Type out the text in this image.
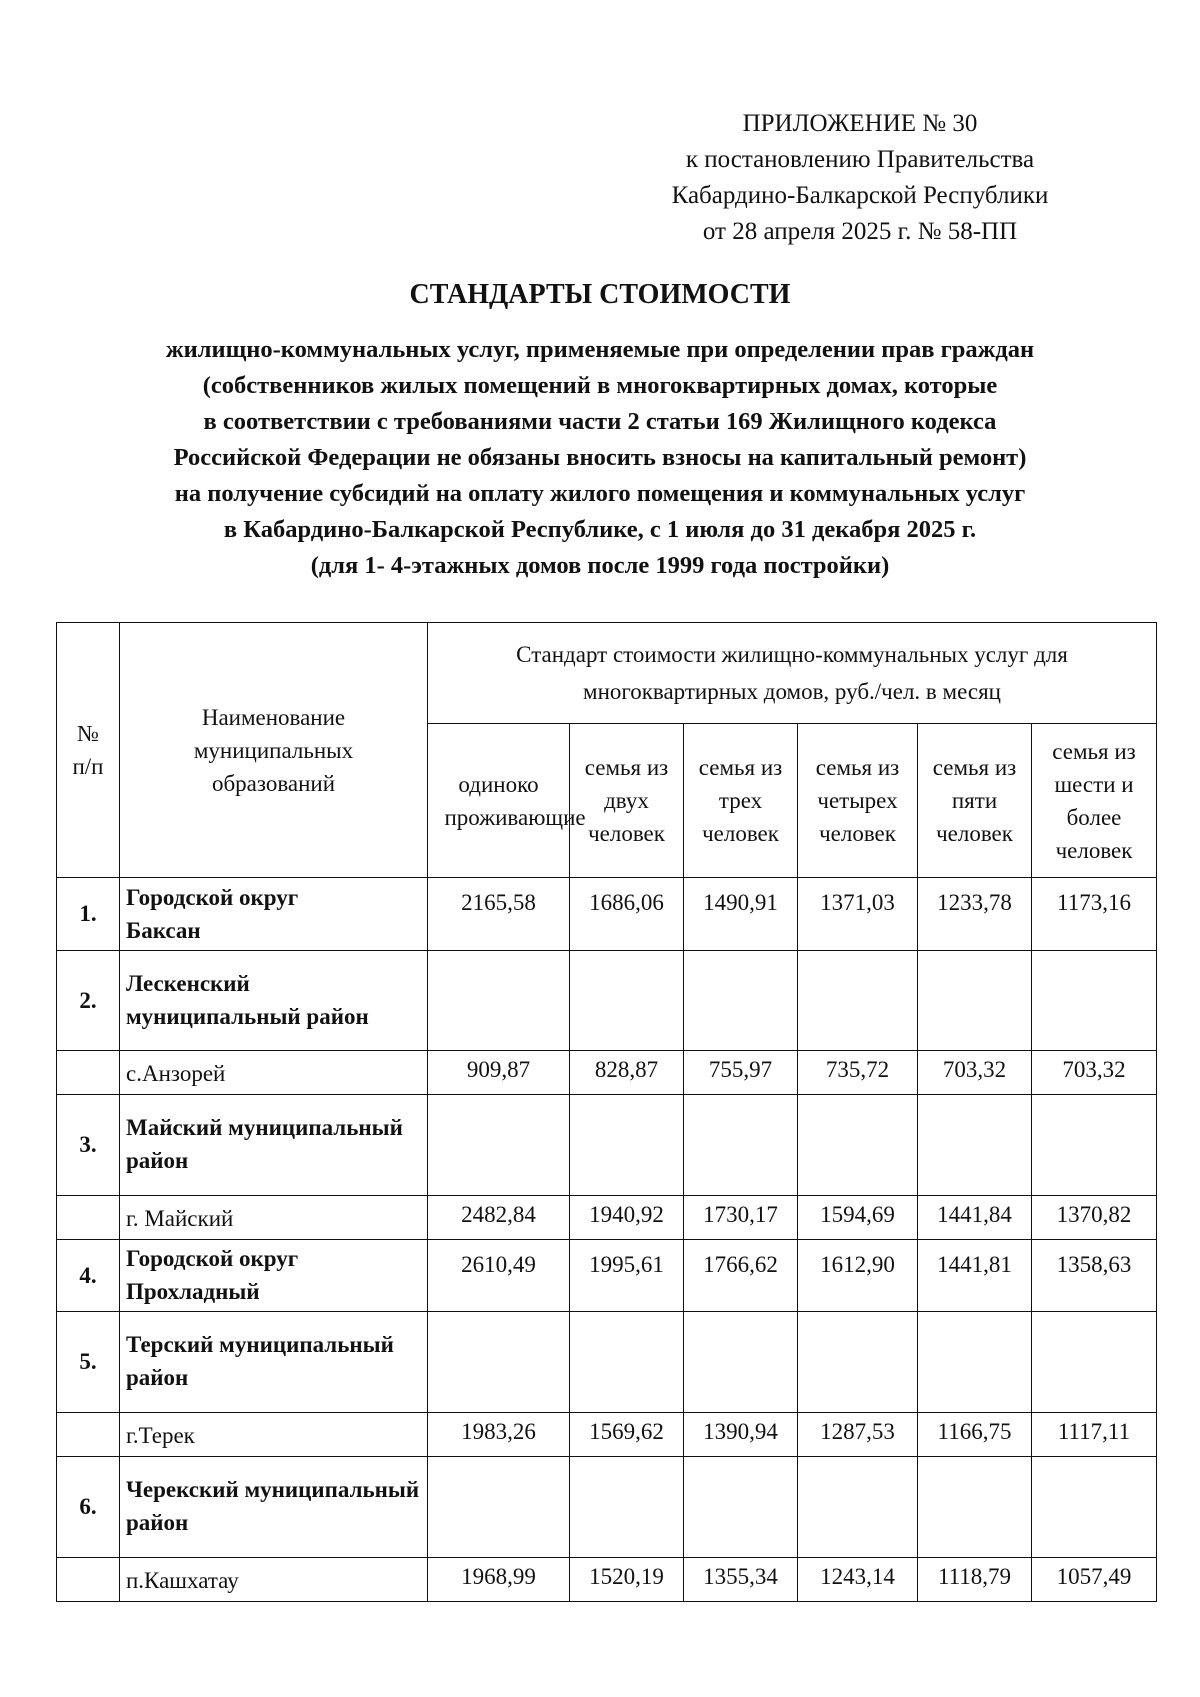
ПРИЛОЖЕНИЕ № 30
к постановлению Правительства
Кабардино-Балкарской Республики
от 28 апреля 2025 г. № 58-ПП
СТАНДАРТЫ СТОИМОСТИ
жилищно-коммунальных услуг, применяемые при определении прав граждан
(собственников жилых помещений в многоквартирных домах, которые
в соответствии с требованиями части 2 статьи 169 Жилищного кодекса
Российской Федерации не обязаны вносить взносы на капитальный ремонт)
на получение субсидий на оплату жилого помещения и коммунальных услуг
в Кабардино-Балкарской Республике, с 1 июля до 31 декабря 2025 г.
(для 1- 4-этажных домов после 1999 года постройки)
№ п/п	Наименование муниципальных образований	Стандарт стоимости жилищно-коммунальных услуг для многоквартирных домов, руб./чел. в месяц					

		одиноко проживающие	семья из двух человек	семья из трех человек	семья из четырех человек	семья из пяти человек	семья из шести и более человек

1.	Городской округ Баксан	2165,58	1686,06	1490,91	1371,03	1233,78	1173,16
2.	Лескенский муниципальный район						

	с.Анзорей	909,87	828,87	755,97	735,72	703,32	703,32
3.	Майский муниципальный район						

	г. Майский	2482,84	1940,92	1730,17	1594,69	1441,84	1370,82
4.	Городской округ Прохладный	2610,49	1995,61	1766,62	1612,90	1441,81	1358,63
5.	Терский муниципальный район						

	г.Терек	1983,26	1569,62	1390,94	1287,53	1166,75	1117,11
6.	Черекский муниципальный район						

	п.Кашхатау	1968,99	1520,19	1355,34	1243,14	1118,79	1057,49
